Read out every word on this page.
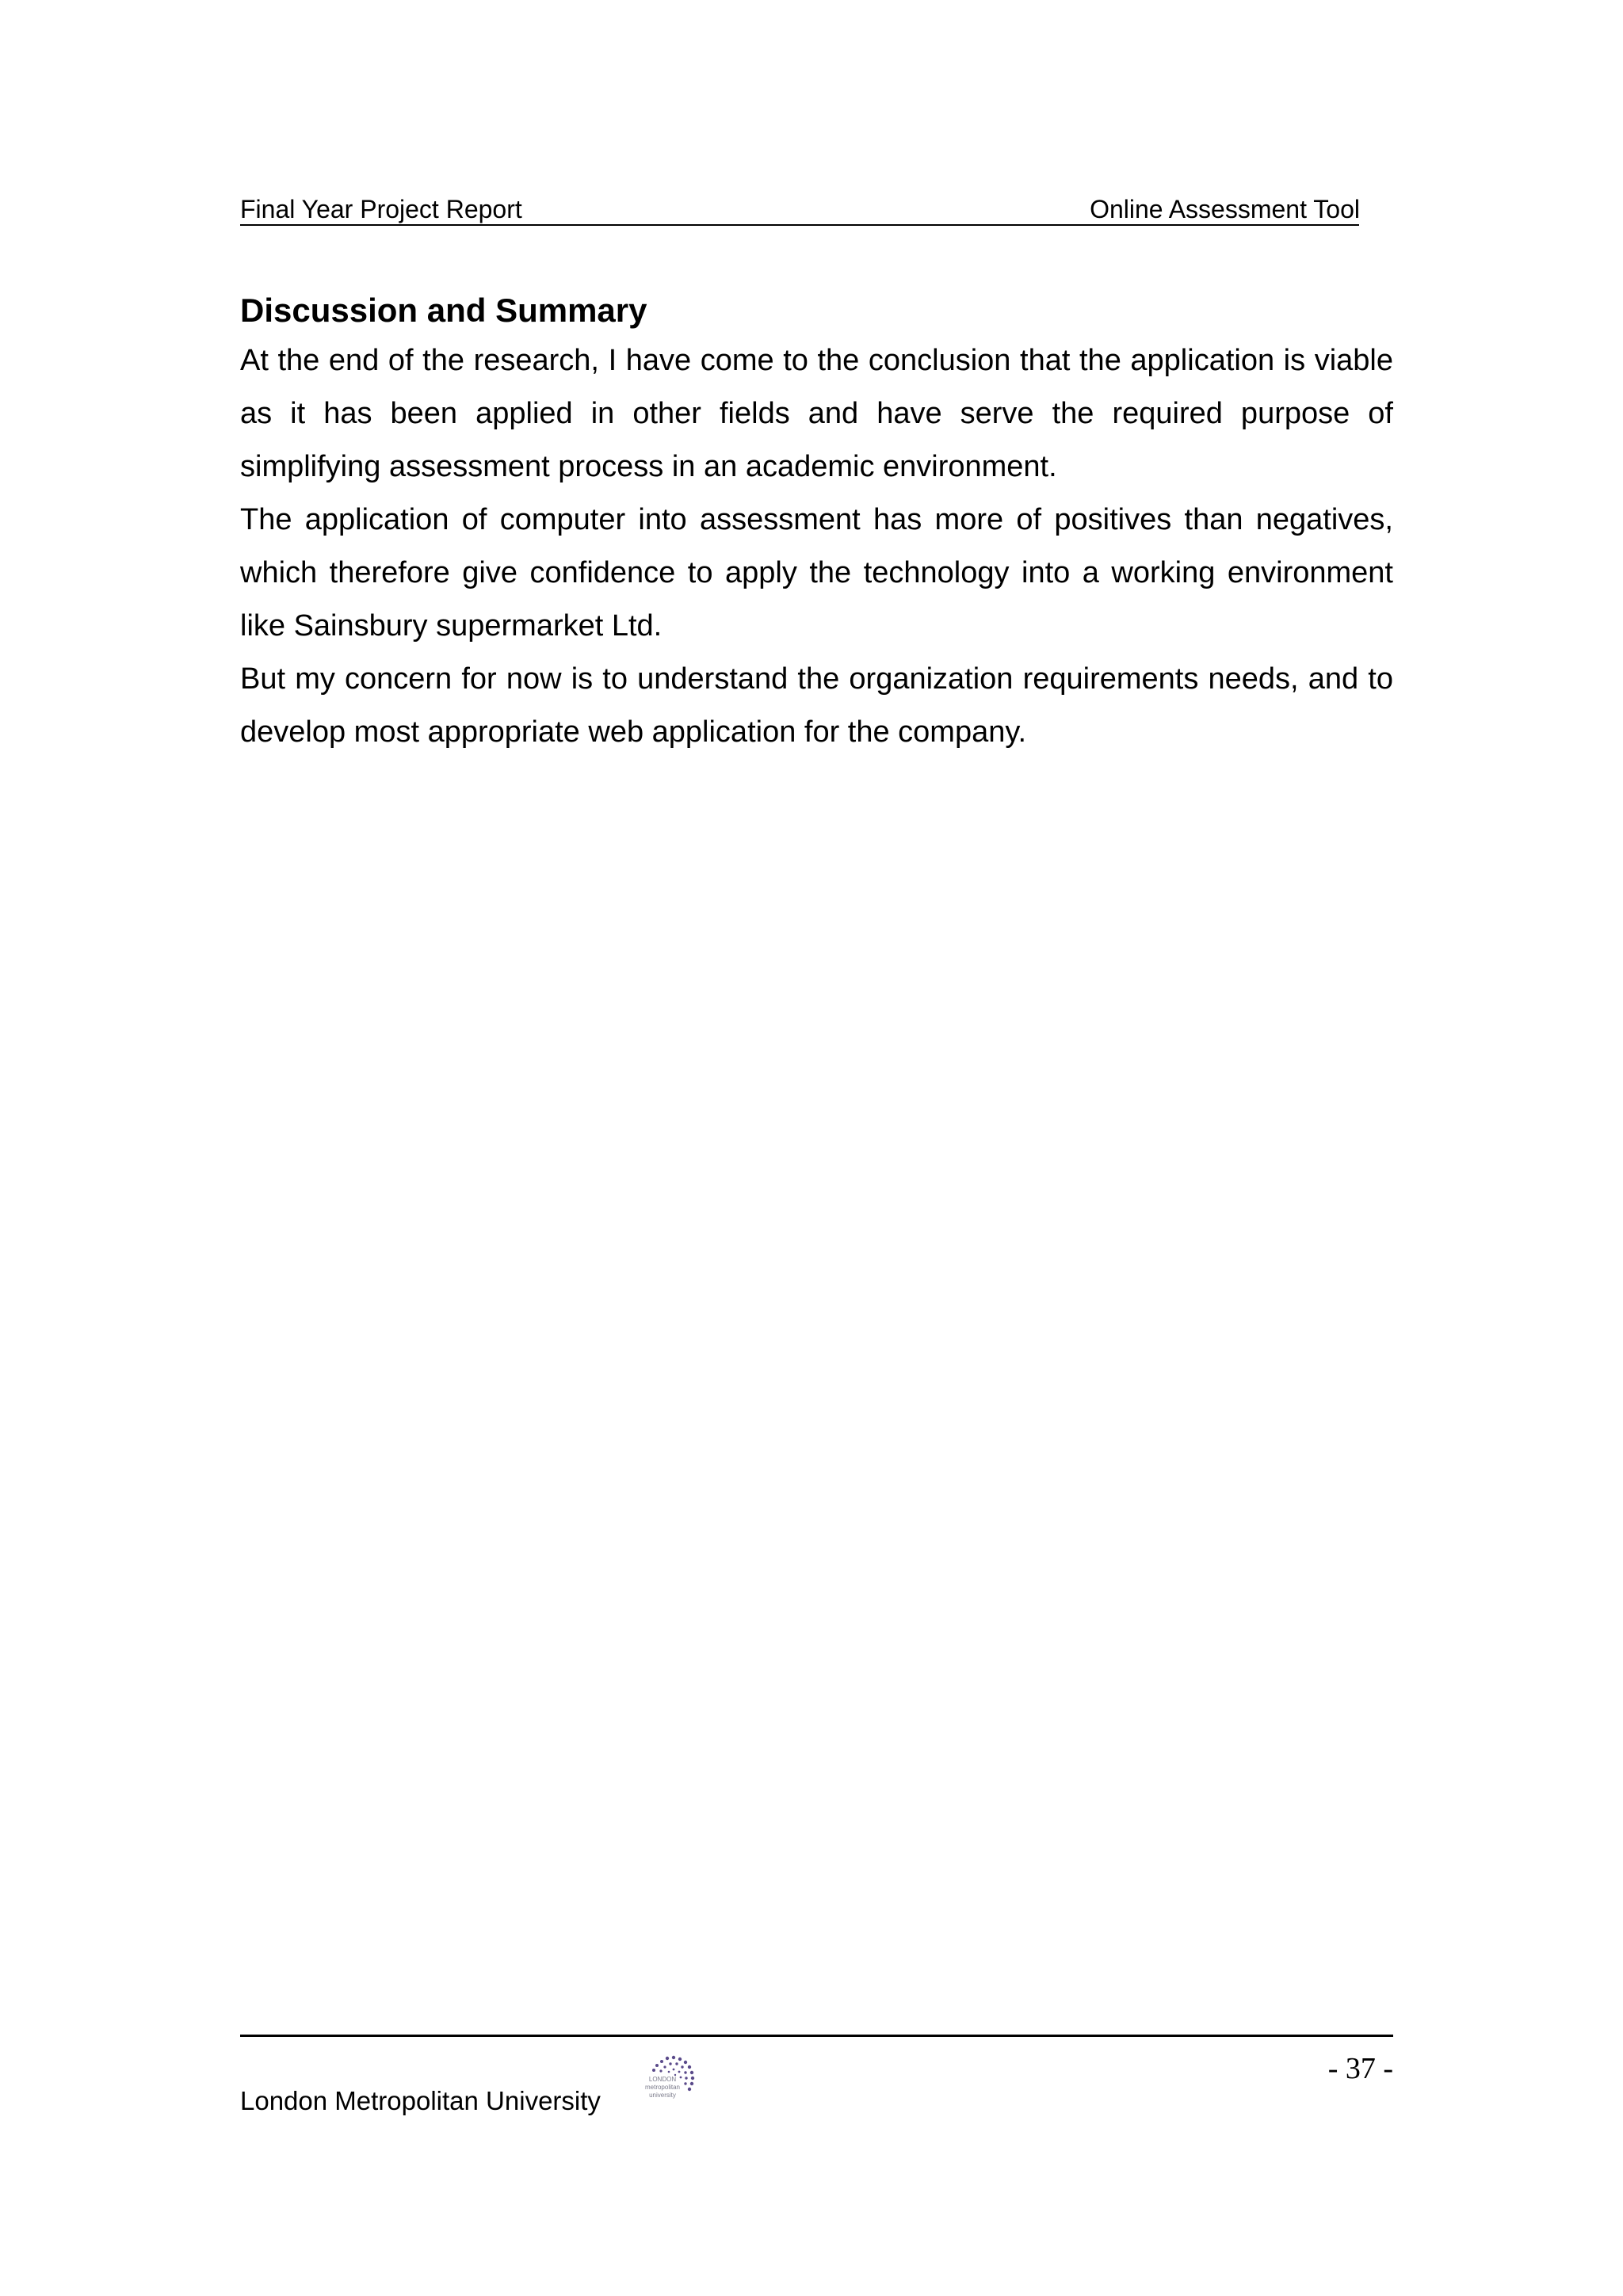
Final Year Project Report	Online Assessment Tool
Discussion and Summary

At the end of the research, I have come to the conclusion that the application is viable as it has been applied in other fields and have serve the required purpose of simplifying assessment process in an academic environment.

The application of computer into assessment has more of positives than negatives, which therefore give confidence to apply the technology into a working environment like Sainsbury supermarket Ltd.

But my concern for now is to understand the organization requirements needs, and to develop most appropriate web application for the company.

London Metropolitan University
LONDON
metropolitan
university
- 37 -
